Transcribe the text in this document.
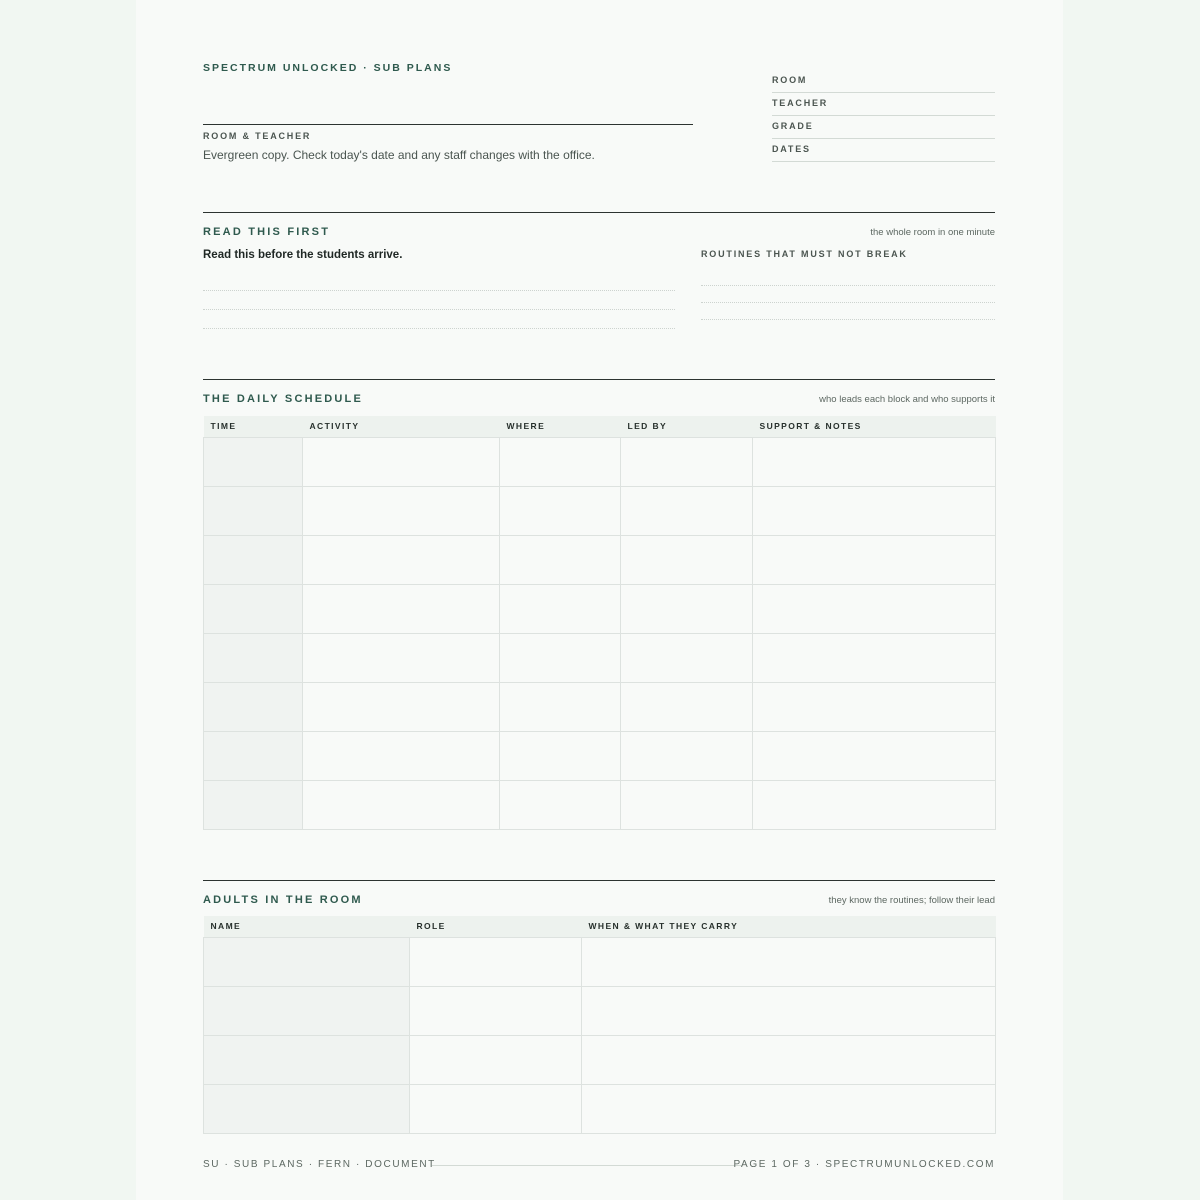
SPECTRUM UNLOCKED · SUB PLANS
ROOM & TEACHER
Evergreen copy. Check today's date and any staff changes with the office.
ROOM
TEACHER
GRADE
DATES
READ THIS FIRST	the whole room in one minute
Read this before the students arrive.	ROUTINES THAT MUST NOT BREAK
THE DAILY SCHEDULE	who leads each block and who supports it
TIME	ACTIVITY	WHERE	LED BY	SUPPORT & NOTES

ADULTS IN THE ROOM	they know the routines; follow their lead
NAME	ROLE	WHEN & WHAT THEY CARRY

SU · SUB PLANS · FERN · DOCUMENT	PAGE 1 OF 3 · SPECTRUMUNLOCKED.COM
